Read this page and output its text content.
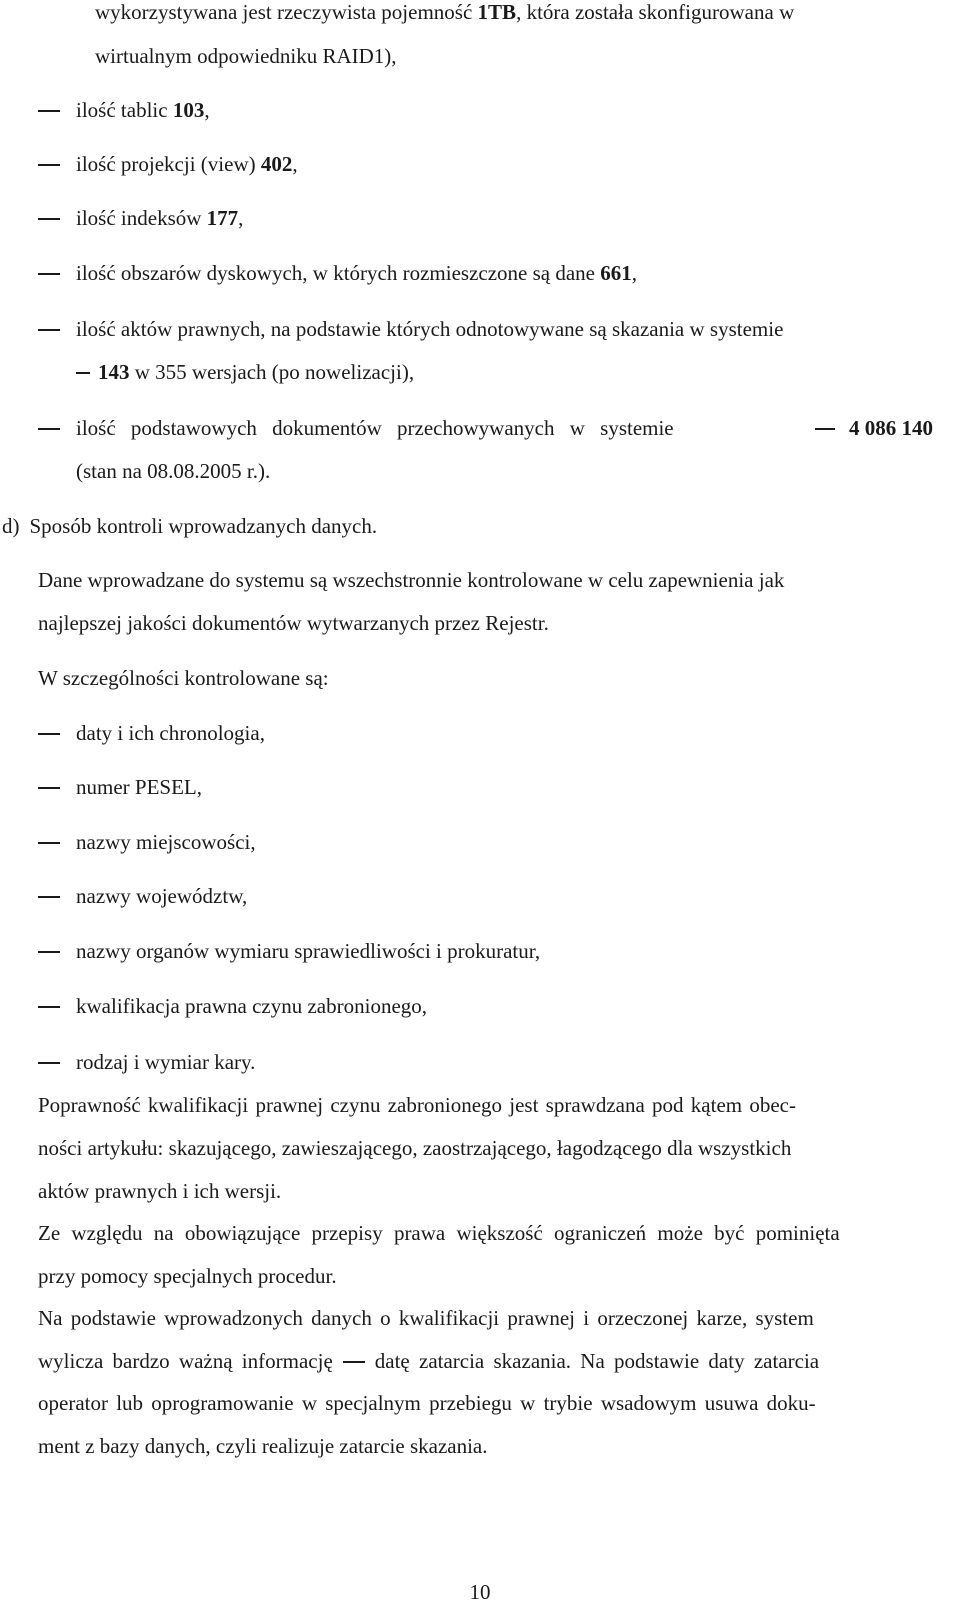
wykorzystywana jest rzeczywista pojemność 1TB, która została skonfigurowana w
wirtualnym odpowiedniku RAID1),
ilość tablic 103,
ilość projekcji (view) 402,
ilość indeksów 177,
ilość obszarów dyskowych, w których rozmieszczone są dane 661,
ilość aktów prawnych, na podstawie których odnotowywane są skazania w systemie
143 w 355 wersjach (po nowelizacji),
ilość podstawowych dokumentów przechowywanych w systemie	4 086 140
(stan na 08.08.2005 r.).
d) Sposób kontroli wprowadzanych danych.
Dane wprowadzane do systemu są wszechstronnie kontrolowane w celu zapewnienia jak
najlepszej jakości dokumentów wytwarzanych przez Rejestr.
W szczególności kontrolowane są:
daty i ich chronologia,
numer PESEL,
nazwy miejscowości,
nazwy województw,
nazwy organów wymiaru sprawiedliwości i prokuratur,
kwalifikacja prawna czynu zabronionego,
rodzaj i wymiar kary.
Poprawność kwalifikacji prawnej czynu zabronionego jest sprawdzana pod kątem obec-
ności artykułu: skazującego, zawieszającego, zaostrzającego, łagodzącego dla wszystkich
aktów prawnych i ich wersji.
Ze względu na obowiązujące przepisy prawa większość ograniczeń może być pominięta
przy pomocy specjalnych procedur.
Na podstawie wprowadzonych danych o kwalifikacji prawnej i orzeczonej karze, system
wylicza bardzo ważną informację datę zatarcia skazania. Na podstawie daty zatarcia
operator lub oprogramowanie w specjalnym przebiegu w trybie wsadowym usuwa doku-
ment z bazy danych, czyli realizuje zatarcie skazania.
10
